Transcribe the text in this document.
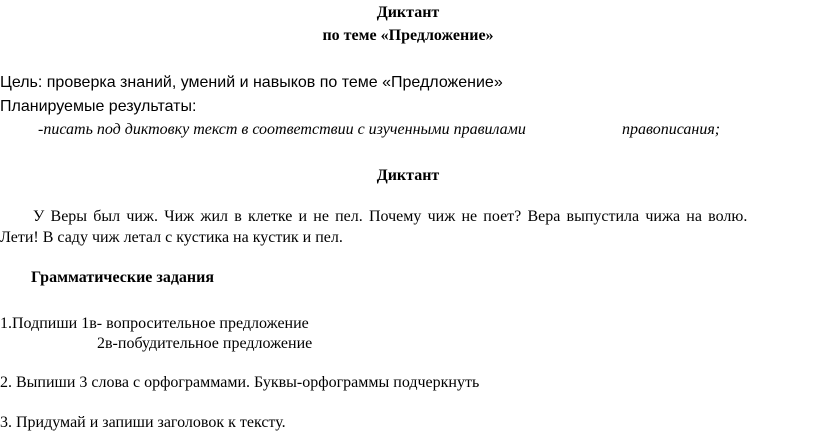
Диктант
по теме «Предложение»
Цель: проверка знаний, умений и навыков по теме «Предложение»
Планируемые результаты:
-писать под диктовку текст в соответствии с изученными правилами	правописания;
Диктант
У Веры был чиж. Чиж жил в клетке и не пел. Почему чиж не поет? Вера выпустила чижа на волю.
Лети! В саду чиж летал с кустика на кустик и пел.
Грамматические задания
1.Подпиши 1в- вопросительное предложение
2в-побудительное предложение
2. Выпиши 3 слова с орфограммами. Буквы-орфограммы подчеркнуть
3. Придумай и запиши заголовок к тексту.
